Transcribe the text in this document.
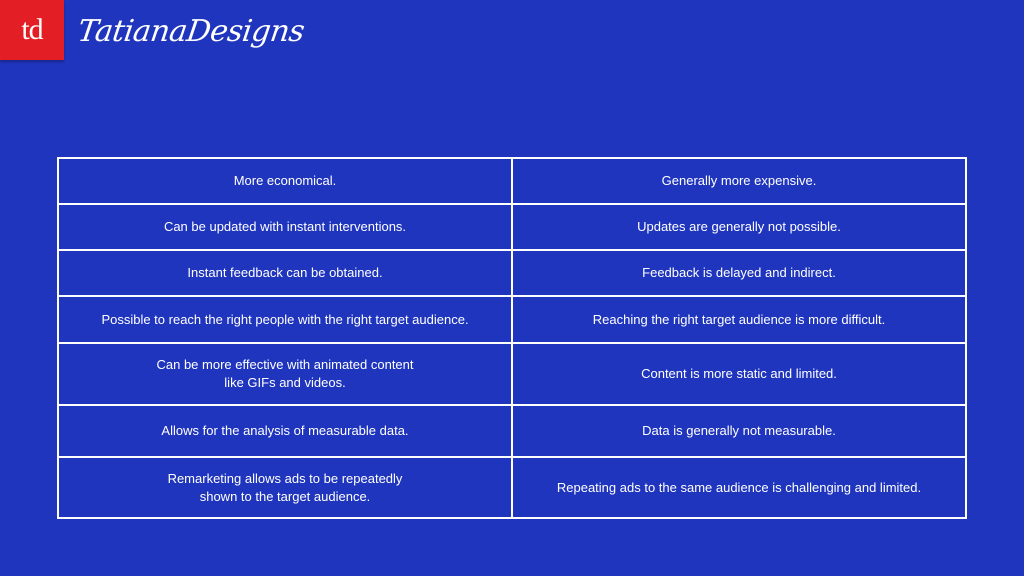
td TatianaDesigns
More economical.	Generally more expensive.
Can be updated with instant interventions.	Updates are generally not possible.
Instant feedback can be obtained.	Feedback is delayed and indirect.
Possible to reach the right people with the right target audience.	Reaching the right target audience is more difficult.
Can be more effective with animated content
like GIFs and videos.	Content is more static and limited.
Allows for the analysis of measurable data.	Data is generally not measurable.
Remarketing allows ads to be repeatedly
shown to the target audience.	Repeating ads to the same audience is challenging and limited.
